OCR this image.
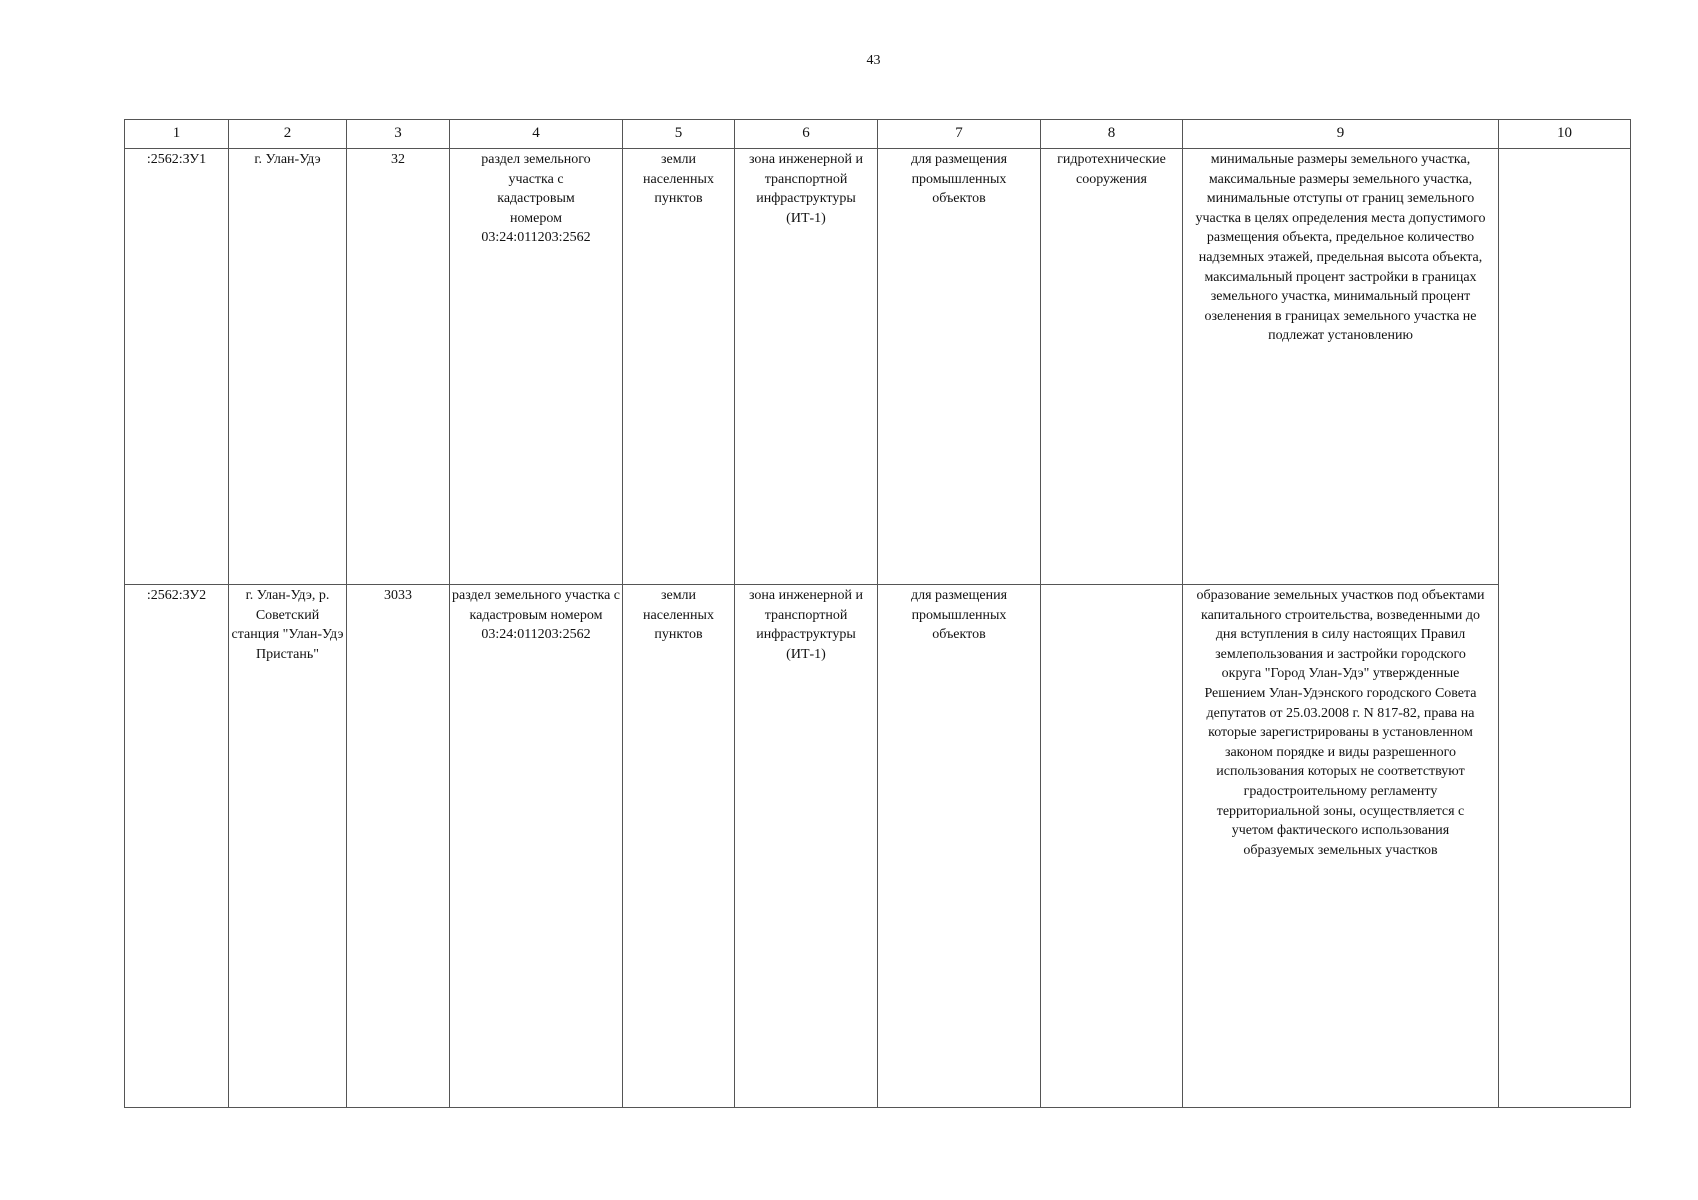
43
1	2	3	4	5	6	7	8	9	10
:2562:ЗУ1	г. Улан-Удэ	32	раздел земельного участка с кадастровым номером 03:24:011203:2562	земли населенных пунктов	зона инженерной и транспортной инфраструктуры (ИТ-1)	для размещения промышленных объектов	гидротехнические сооружения	минимальные размеры земельного участка, максимальные размеры земельного участка, минимальные отступы от границ земельного участка в целях определения места допустимого размещения объекта, предельное количество надземных этажей, предельная высота объекта, максимальный процент застройки в границах земельного участка, минимальный процент озеленения в границах земельного участка не подлежат установлению	
:2562:ЗУ2	г. Улан-Удэ, р. Советский станция "Улан-Удэ Пристань"	3033	раздел земельного участка с кадастровым номером 03:24:011203:2562	земли населенных пунктов	зона инженерной и транспортной инфраструктуры (ИТ-1)	для размещения промышленных объектов		образование земельных участков под объектами капитального строительства, возведенными до дня вступления в силу настоящих Правил землепользования и застройки городского округа "Город Улан-Удэ" утвержденные Решением Улан-Удэнского городского Совета депутатов от 25.03.2008 г. N 817-82, права на которые зарегистрированы в установленном законом порядке и виды разрешенного использования которых не соответствуют градостроительному регламенту территориальной зоны, осуществляется с учетом фактического использования образуемых земельных участков	
